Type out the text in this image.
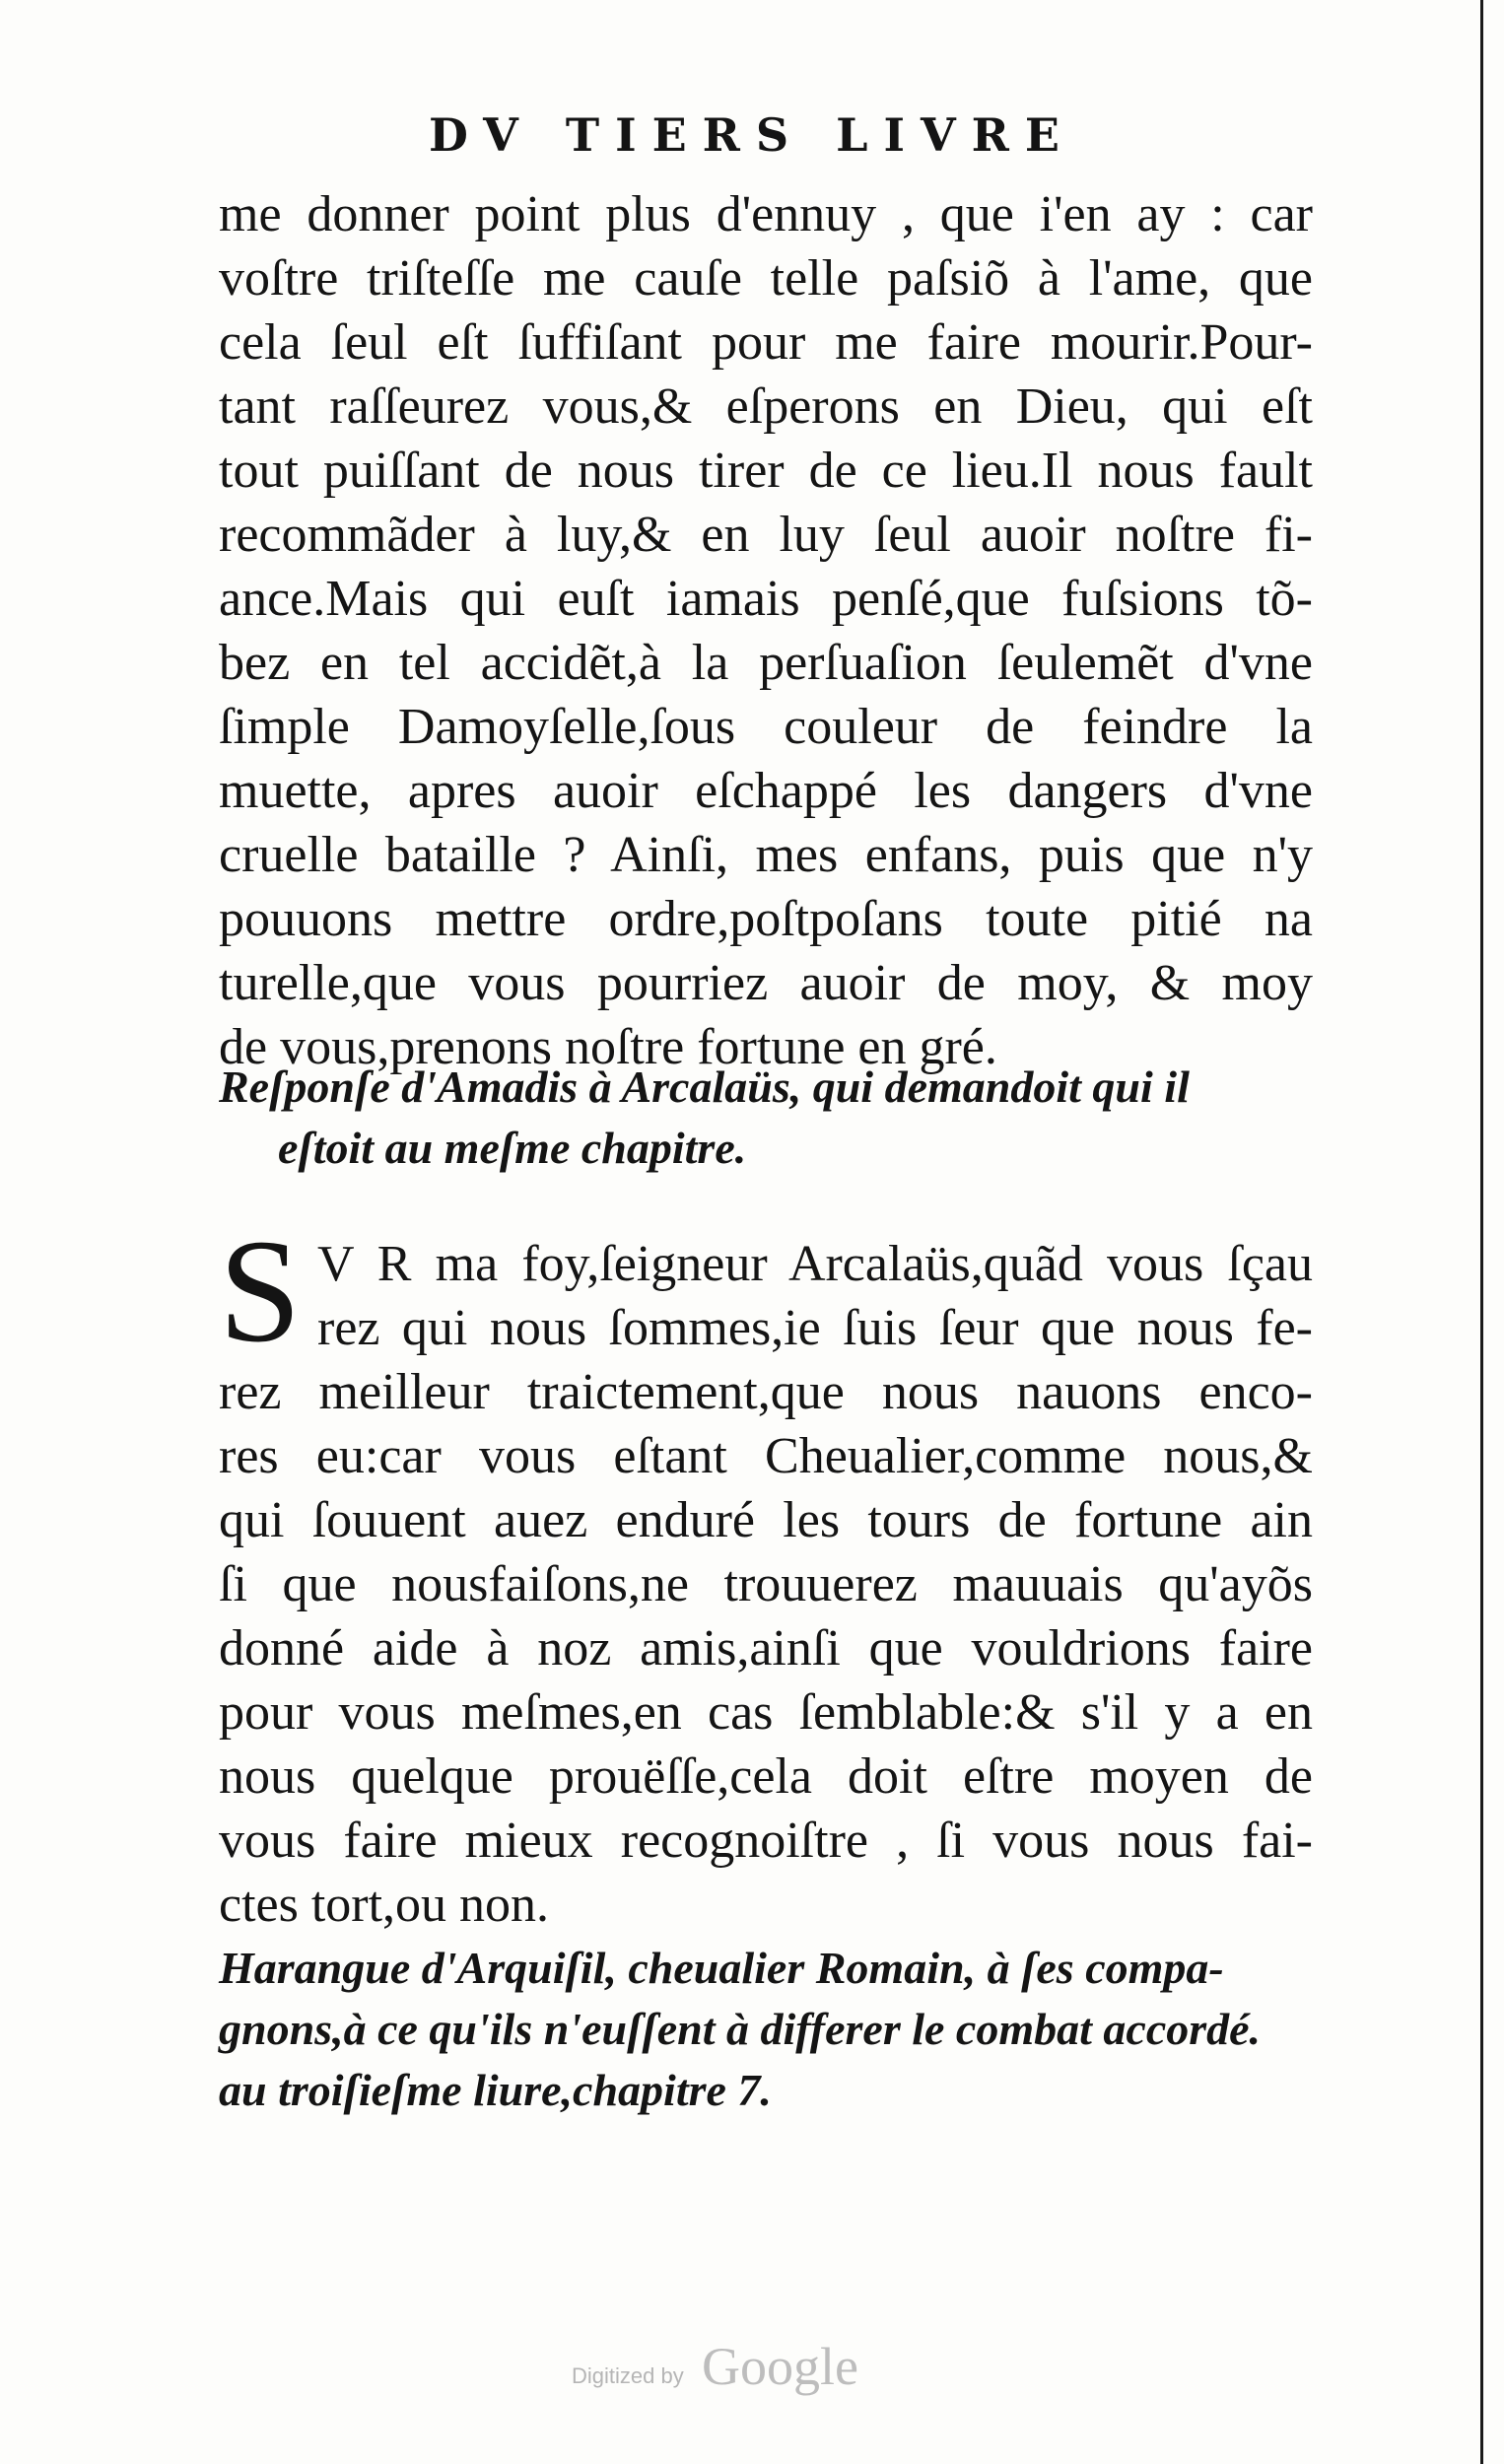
DV TIERS LIVRE
me donner point plus d'ennuy , que i'en ay : car
voſtre triſteſſe me cauſe telle paſsiõ à l'ame, que
cela ſeul eſt ſuffiſant pour me faire mourir.Pour-
tant raſſeurez vous,& eſperons en Dieu, qui eſt
tout puiſſant de nous tirer de ce lieu.Il nous fault
recommãder à luy,& en luy ſeul auoir noſtre fi-
ance.Mais qui euſt iamais penſé,que fuſsions tõ-
bez en tel accidẽt,à la perſuaſion ſeulemẽt d'vne
ſimple Damoyſelle,ſous couleur de feindre la
muette, apres auoir eſchappé les dangers d'vne
cruelle bataille ? Ainſi, mes enfans, puis que n'y
pouuons mettre ordre,poſtpoſans toute pitié na
turelle,que vous pourriez auoir de moy, & moy
de vous,prenons noſtre fortune en gré.
Reſponſe d'Amadis à Arcalaüs, qui demandoit qui il
eſtoit au meſme chapitre.
S V R ma foy,ſeigneur Arcalaüs,quãd vous ſçau
rez qui nous ſommes,ie ſuis ſeur que nous fe-
rez meilleur traictement,que nous nauons enco-
res eu:car vous eſtant Cheualier,comme nous,&
qui ſouuent auez enduré les tours de fortune ain
ſi que nousfaiſons,ne trouuerez mauuais qu'ayõs
donné aide à noz amis,ainſi que vouldrions faire
pour vous meſmes,en cas ſemblable:& s'il y a en
nous quelque prouëſſe,cela doit eſtre moyen de
vous faire mieux recognoiſtre , ſi vous nous fai-
ctes tort,ou non.
Harangue d'Arquiſil, cheualier Romain, à ſes compa-
gnons,à ce qu'ils n'euſſent à differer le combat accordé.
au troiſieſme liure,chapitre 7.
Digitized by Google
